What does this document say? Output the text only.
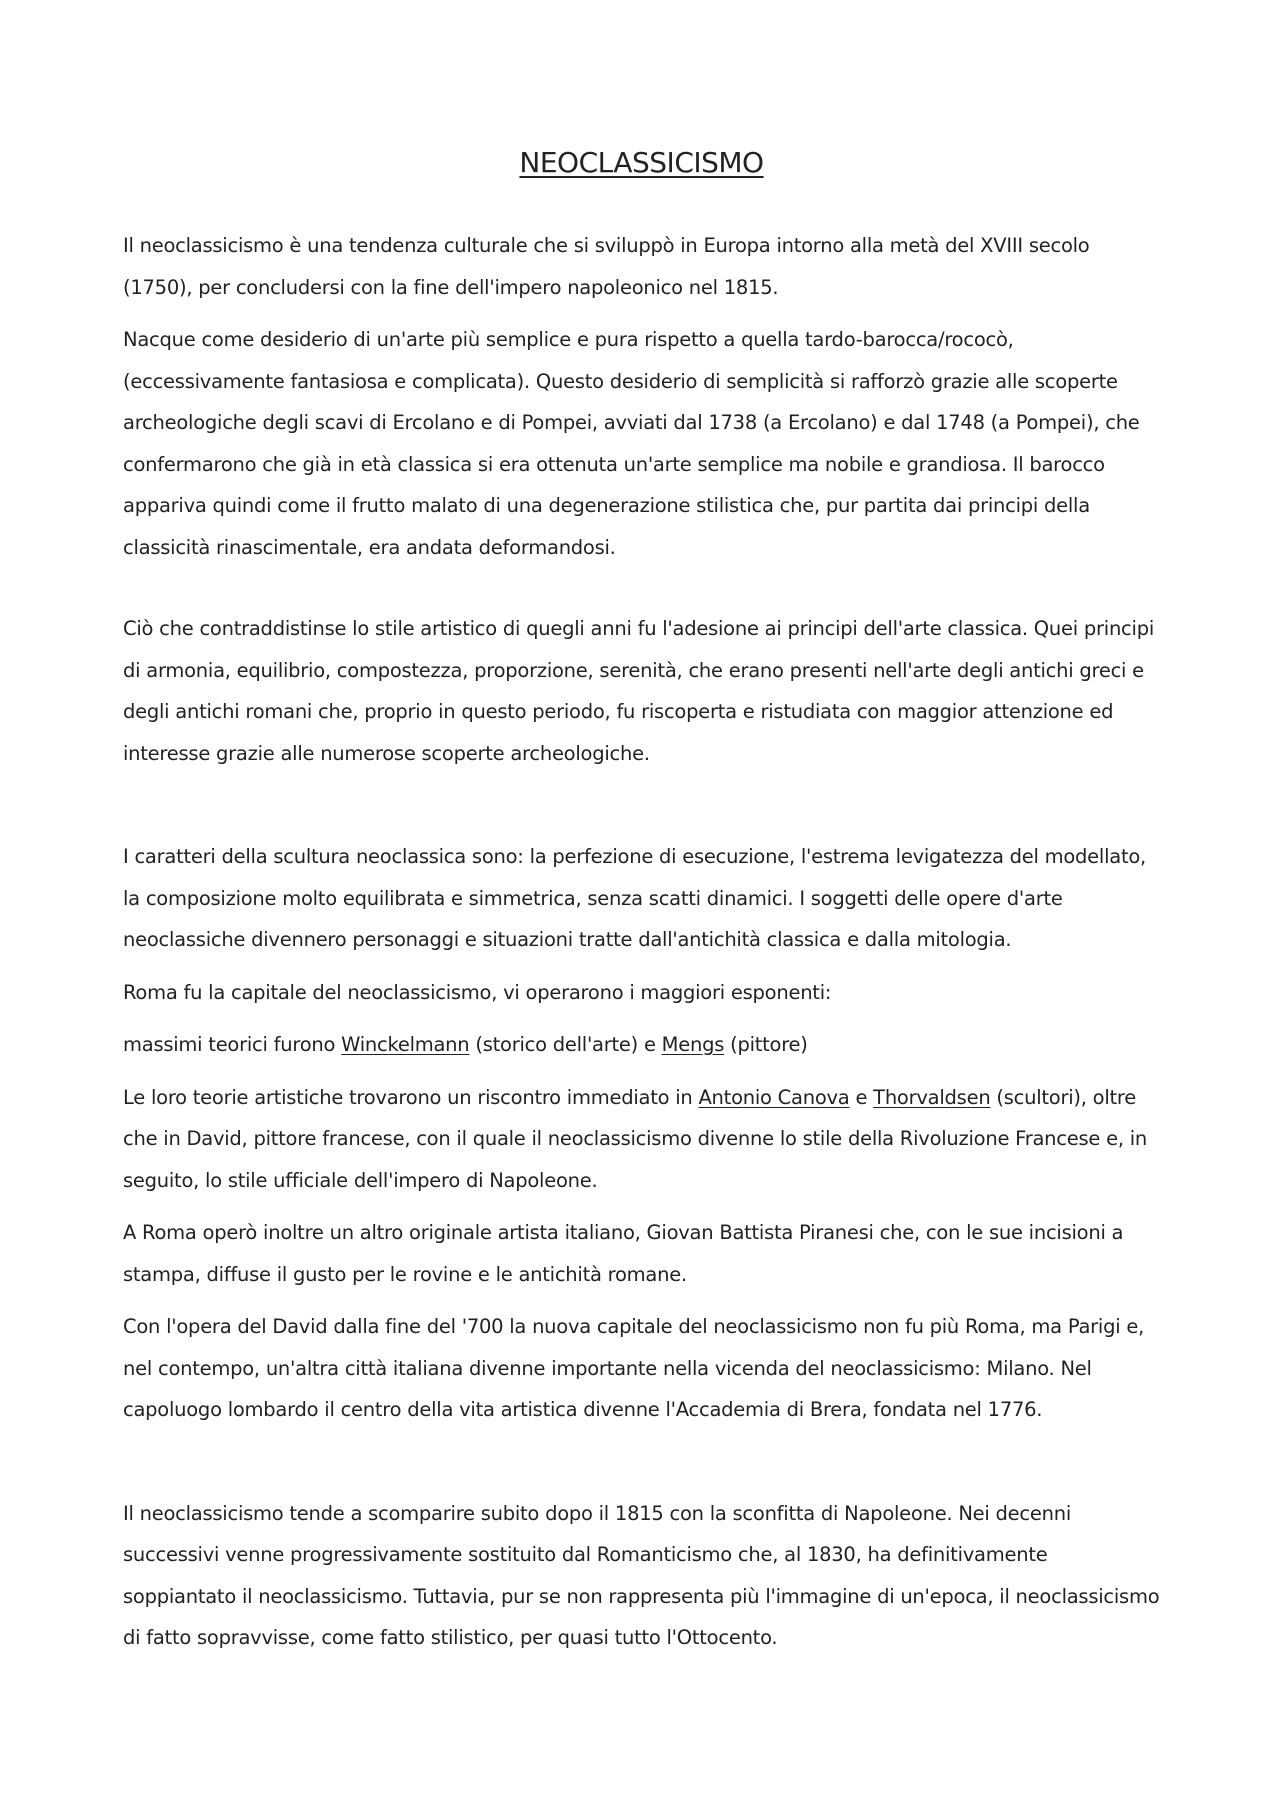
NEOCLASSICISMO

Il neoclassicismo è una tendenza culturale che si sviluppò in Europa intorno alla metà del XVIII secolo (1750), per concludersi con la fine dell'impero napoleonico nel 1815.

Nacque come desiderio di un'arte più semplice e pura rispetto a quella tardo-barocca/rococò, (eccessivamente fantasiosa e complicata). Questo desiderio di semplicità si rafforzò grazie alle scoperte archeologiche degli scavi di Ercolano e di Pompei, avviati dal 1738 (a Ercolano) e dal 1748 (a Pompei), che confermarono che già in età classica si era ottenuta un'arte semplice ma nobile e grandiosa. Il barocco appariva quindi come il frutto malato di una degenerazione stilistica che, pur partita dai principi della classicità rinascimentale, era andata deformandosi.

Ciò che contraddistinse lo stile artistico di quegli anni fu l'adesione ai principi dell'arte classica. Quei principi di armonia, equilibrio, compostezza, proporzione, serenità, che erano presenti nell'arte degli antichi greci e degli antichi romani che, proprio in questo periodo, fu riscoperta e ristudiata con maggior attenzione ed interesse grazie alle numerose scoperte archeologiche.

I caratteri della scultura neoclassica sono: la perfezione di esecuzione, l'estrema levigatezza del modellato, la composizione molto equilibrata e simmetrica, senza scatti dinamici. I soggetti delle opere d'arte neoclassiche divennero personaggi e situazioni tratte dall'antichità classica e dalla mitologia.

Roma fu la capitale del neoclassicismo, vi operarono i maggiori esponenti:

massimi teorici furono Winckelmann (storico dell'arte) e Mengs (pittore)

Le loro teorie artistiche trovarono un riscontro immediato in Antonio Canova e Thorvaldsen (scultori), oltre che in David, pittore francese, con il quale il neoclassicismo divenne lo stile della Rivoluzione Francese e, in seguito, lo stile ufficiale dell'impero di Napoleone.

A Roma operò inoltre un altro originale artista italiano, Giovan Battista Piranesi che, con le sue incisioni a stampa, diffuse il gusto per le rovine e le antichità romane.

Con l'opera del David dalla fine del '700 la nuova capitale del neoclassicismo non fu più Roma, ma Parigi e, nel contempo, un'altra città italiana divenne importante nella vicenda del neoclassicismo: Milano. Nel capoluogo lombardo il centro della vita artistica divenne l'Accademia di Brera, fondata nel 1776.

Il neoclassicismo tende a scomparire subito dopo il 1815 con la sconfitta di Napoleone. Nei decenni successivi venne progressivamente sostituito dal Romanticismo che, al 1830, ha definitivamente soppiantato il neoclassicismo. Tuttavia, pur se non rappresenta più l'immagine di un'epoca, il neoclassicismo di fatto sopravvisse, come fatto stilistico, per quasi tutto l'Ottocento.
